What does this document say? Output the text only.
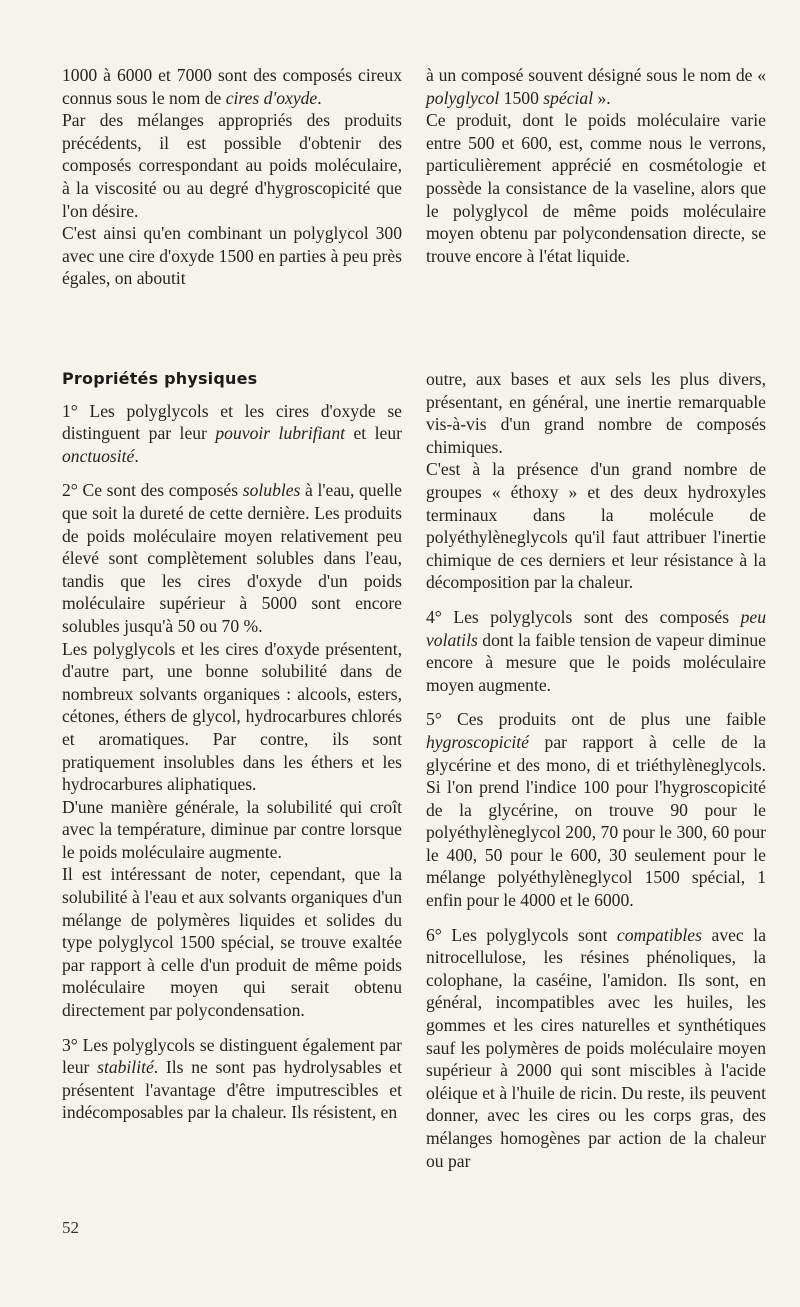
1000 à 6000 et 7000 sont des composés cireux connus sous le nom de cires d'oxyde.

Par des mélanges appropriés des produits précédents, il est possible d'obtenir des composés correspondant au poids moléculaire, à la viscosité ou au degré d'hygroscopicité que l'on désire.

C'est ainsi qu'en combinant un polyglycol 300 avec une cire d'oxyde 1500 en parties à peu près égales, on aboutit

à un composé souvent désigné sous le nom de « polyglycol 1500 spécial ».

Ce produit, dont le poids moléculaire varie entre 500 et 600, est, comme nous le verrons, particulièrement apprécié en cosmétologie et possède la consistance de la vaseline, alors que le polyglycol de même poids moléculaire moyen obtenu par polycondensation directe, se trouve encore à l'état liquide.

Propriétés physiques

1° Les polyglycols et les cires d'oxyde se distinguent par leur pouvoir lubrifiant et leur onctuosité.

2° Ce sont des composés solubles à l'eau, quelle que soit la dureté de cette dernière. Les produits de poids moléculaire moyen relativement peu élevé sont complètement solubles dans l'eau, tandis que les cires d'oxyde d'un poids moléculaire supérieur à 5000 sont encore solubles jusqu'à 50 ou 70 %.

Les polyglycols et les cires d'oxyde présentent, d'autre part, une bonne solubilité dans de nombreux solvants organiques : alcools, esters, cétones, éthers de glycol, hydrocarbures chlorés et aromatiques. Par contre, ils sont pratiquement insolubles dans les éthers et les hydrocarbures aliphatiques.

D'une manière générale, la solubilité qui croît avec la température, diminue par contre lorsque le poids moléculaire augmente.

Il est intéressant de noter, cependant, que la solubilité à l'eau et aux solvants organiques d'un mélange de polymères liquides et solides du type polyglycol 1500 spécial, se trouve exaltée par rapport à celle d'un produit de même poids moléculaire moyen qui serait obtenu directement par polycondensation.

3° Les polyglycols se distinguent également par leur stabilité. Ils ne sont pas hydrolysables et présentent l'avantage d'être imputrescibles et indécomposables par la chaleur. Ils résistent, en

outre, aux bases et aux sels les plus divers, présentant, en général, une inertie remarquable vis-à-vis d'un grand nombre de composés chimiques.

C'est à la présence d'un grand nombre de groupes « éthoxy » et des deux hydroxyles terminaux dans la molécule de polyéthylèneglycols qu'il faut attribuer l'inertie chimique de ces derniers et leur résistance à la décomposition par la chaleur.

4° Les polyglycols sont des composés peu volatils dont la faible tension de vapeur diminue encore à mesure que le poids moléculaire moyen augmente.

5° Ces produits ont de plus une faible hygroscopicité par rapport à celle de la glycérine et des mono, di et triéthylèneglycols. Si l'on prend l'indice 100 pour l'hygroscopicité de la glycérine, on trouve 90 pour le polyéthylèneglycol 200, 70 pour le 300, 60 pour le 400, 50 pour le 600, 30 seulement pour le mélange polyéthylèneglycol 1500 spécial, 1 enfin pour le 4000 et le 6000.

6° Les polyglycols sont compatibles avec la nitrocellulose, les résines phénoliques, la colophane, la caséine, l'amidon. Ils sont, en général, incompatibles avec les huiles, les gommes et les cires naturelles et synthétiques sauf les polymères de poids moléculaire moyen supérieur à 2000 qui sont miscibles à l'acide oléique et à l'huile de ricin. Du reste, ils peuvent donner, avec les cires ou les corps gras, des mélanges homogènes par action de la chaleur ou par

52
